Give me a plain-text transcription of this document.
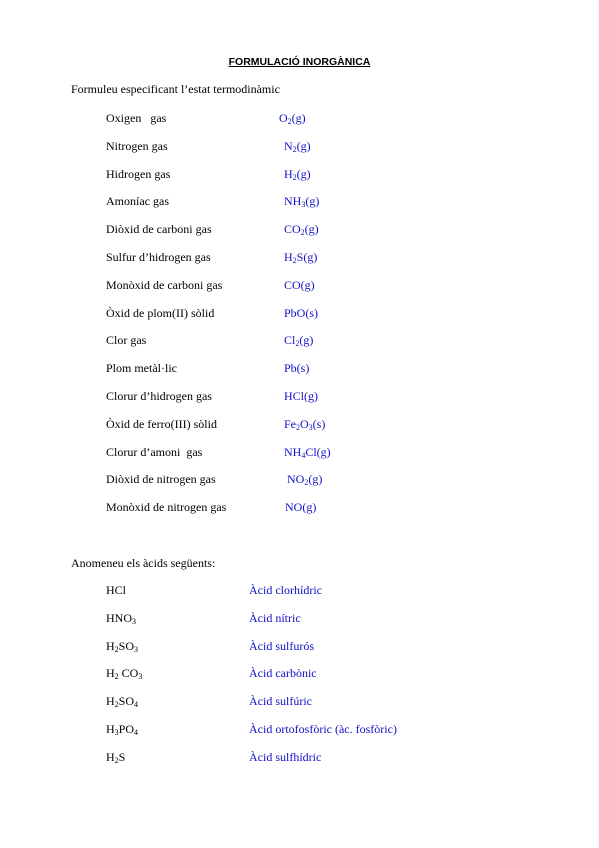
FORMULACIÓ INORGÀNICA
Formuleu especificant l’estat termodinàmic
Oxigen   gas	$O_2(g)$
Nitrogen gas	$N_2(g)$
Hidrogen gas	$H_2(g)$
Amoníac gas	$NH_3(g)$
Diòxid de carboni gas	$CO_2(g)$
Sulfur d’hidrogen gas	$H_2S(g)$
Monòxid de carboni gas	CO(g)
Òxid de plom(II) sòlid	PbO(s)
Clor gas	$Cl_2(g)$
Plom metàl·lic	Pb(s)
Clorur d’hidrogen gas	HCl(g)
Òxid de ferro(III) sòlid	$Fe_2O_3(s)$
Clorur d’amoni  gas	$NH_4Cl(g)$
Diòxid de nitrogen gas	$NO_2(g)$
Monòxid de nitrogen gas	NO(g)
Anomeneu els àcids següents:
HCl	Àcid clorhídric
$HNO_3$	Àcid nítric
$H_2SO_3$	Àcid sulfurós
$H_2$ $CO_3$	Àcid carbònic
$H_2SO_4$	Àcid sulfúric
$H_3PO_4$	Àcid ortofosfòric (àc. fosfòric)
$H_2S$	Àcid sulfhídric
